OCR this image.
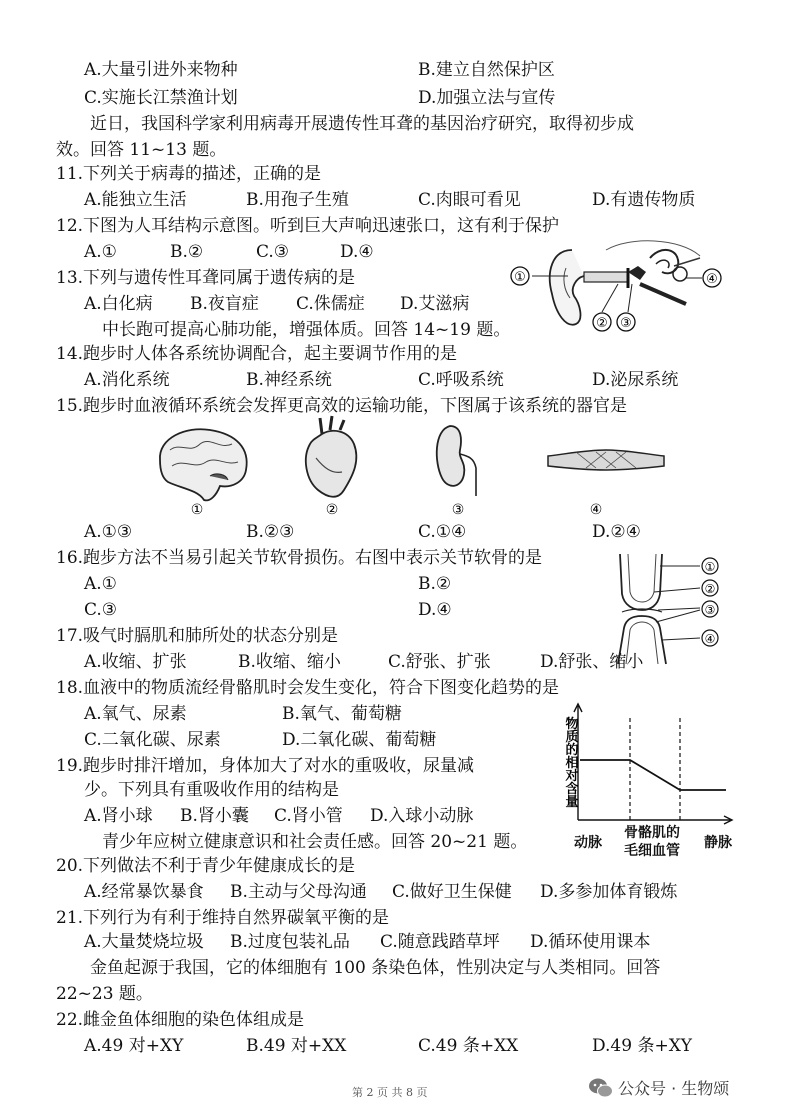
A.大量引进外来物种	B.建立自然保护区
C.实施长江禁渔计划	D.加强立法与宣传
近日，我国科学家利用病毒开展遗传性耳聋的基因治疗研究，取得初步成
效。回答 11~13 题。
11.下列关于病毒的描述，正确的是
A.能独立生活	B.用孢子生殖	C.肉眼可看见	D.有遗传物质
12.下图为人耳结构示意图。听到巨大声响迅速张口，这有利于保护
A.①	B.②	C.③	D.④
①
② ③
④
13.下列与遗传性耳聋同属于遗传病的是
A.白化病 B.夜盲症 C.侏儒症 D.艾滋病
中长跑可提高心肺功能，增强体质。回答 14~19 题。
14.跑步时人体各系统协调配合，起主要调节作用的是
A.消化系统	B.神经系统	C.呼吸系统	D.泌尿系统
15.跑步时血液循环系统会发挥更高效的运输功能，下图属于该系统的器官是
①	②	③	④
A.①③	B.②③	C.①④	D.②④
16.跑步方法不当易引起关节软骨损伤。右图中表示关节软骨的是
A.①	B.②
C.③	D.④
①
②
③
④
17.吸气时膈肌和肺所处的状态分别是
A.收缩、扩张	B.收缩、缩小	C.舒张、扩张	D.舒张、缩小
18.血液中的物质流经骨骼肌时会发生变化，符合下图变化趋势的是
A.氧气、尿素	B.氧气、葡萄糖
C.二氧化碳、尿素	D.二氧化碳、葡萄糖	物质的相对含量
动脉
骨骼肌的
毛细血管 静脉
19.跑步时排汗增加，身体加大了对水的重吸收，尿量减
少。下列具有重吸收作用的结构是
A.肾小球 B.肾小囊 C.肾小管 D.入球小动脉
青少年应树立健康意识和社会责任感。回答 20~21 题。
20.下列做法不利于青少年健康成长的是
A.经常暴饮暴食 B.主动与父母沟通 C.做好卫生保健 D.多参加体育锻炼
21.下列行为有利于维持自然界碳氧平衡的是
A.大量焚烧垃圾 B.过度包装礼品 C.随意践踏草坪 D.循环使用课本
金鱼起源于我国，它的体细胞有 100 条染色体，性别决定与人类相同。回答
22~23 题。
22.雌金鱼体细胞的染色体组成是
A.49 对+XY	B.49 对+XX	C.49 条+XX	D.49 条+XY
第 2 页 共 8 页	公众号 · 生物颂
